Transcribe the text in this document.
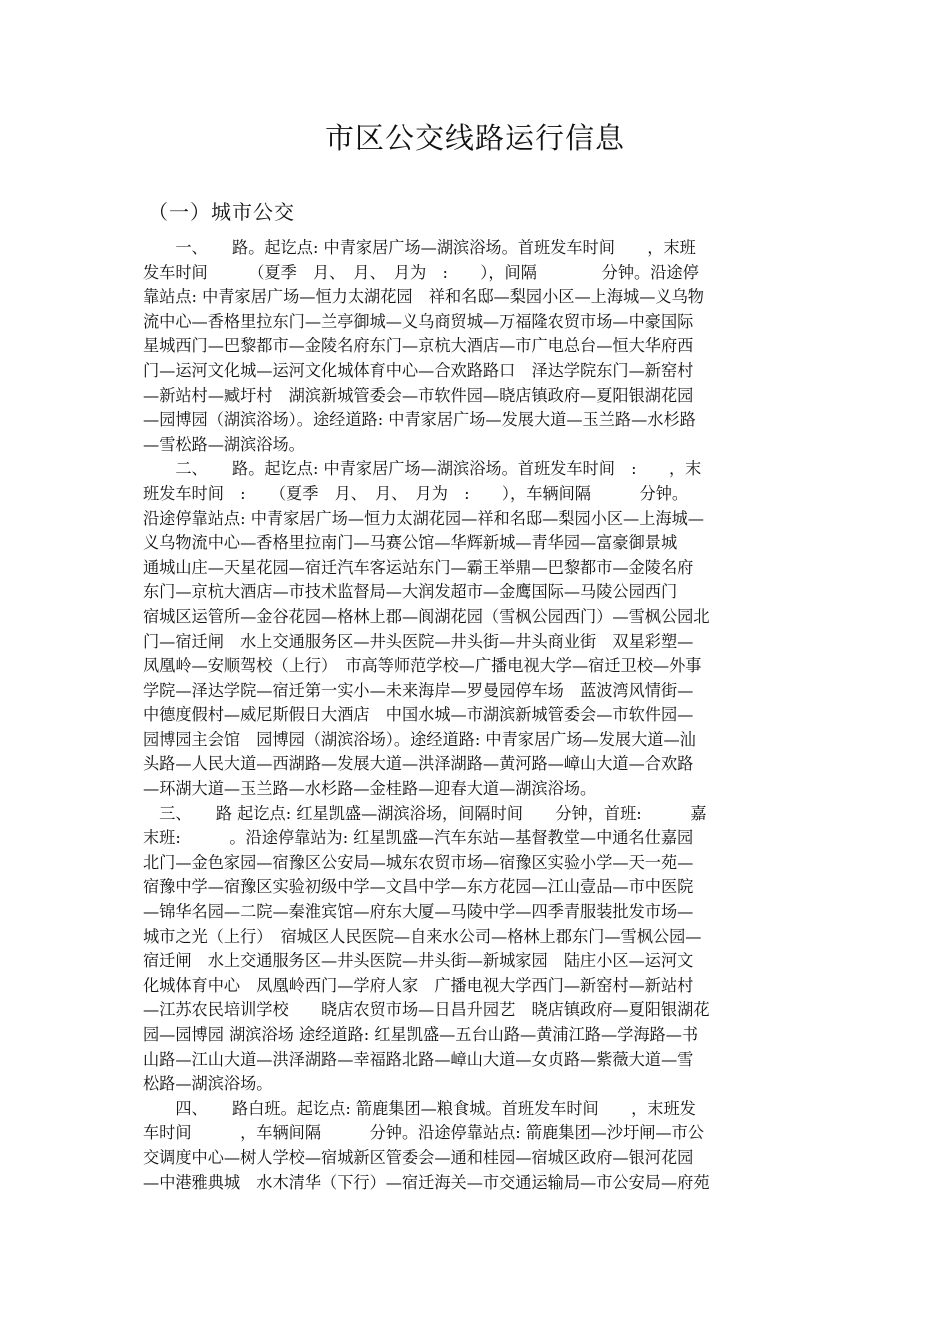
市区公交线路运行信息
（一）城市公交
　　一、　　路。起讫点: 中青家居广场—湖滨浴场。首班发车时间　　，末班
发车时间　　　（夏季　月、　月、　月为　:　　），间隔　　　　分钟。沿途停
靠站点: 中青家居广场—恒力太湖花园　祥和名邸—梨园小区—上海城—义乌物
流中心—香格里拉东门—兰亭御城—义乌商贸城—万福隆农贸市场—中豪国际
星城西门—巴黎都市—金陵名府东门—京杭大酒店—市广电总台—恒大华府西
门—运河文化城—运河文化城体育中心—合欢路路口　泽达学院东门—新窑村
—新站村—臧圩村　湖滨新城管委会—市软件园—晓店镇政府—夏阳银湖花园
—园博园（湖滨浴场）。途经道路: 中青家居广场—发展大道—玉兰路—水杉路
—雪松路—湖滨浴场。
　　二、　　路。起讫点: 中青家居广场—湖滨浴场。首班发车时间　:　　，末
班发车时间　:　　（夏季　月、　月、　月为　:　　），车辆间隔　　　分钟。
沿途停靠站点: 中青家居广场—恒力太湖花园—祥和名邸—梨园小区—上海城—
义乌物流中心—香格里拉南门—马赛公馆—华辉新城—青华园—富豪御景城
通城山庄—天星花园—宿迁汽车客运站东门—霸王举鼎—巴黎都市—金陵名府
东门—京杭大酒店—市技术监督局—大润发超市—金鹰国际—马陵公园西门
宿城区运管所—金谷花园—格林上郡—阆湖花园（雪枫公园西门）—雪枫公园北
门—宿迁闸　水上交通服务区—井头医院—井头街—井头商业街　双星彩塑—
凤凰岭—安顺驾校（上行）　市高等师范学校—广播电视大学—宿迁卫校—外事
学院—泽达学院—宿迁第一实小—未来海岸—罗曼园停车场　蓝波湾风情街—
中德度假村—威尼斯假日大酒店　中国水城—市湖滨新城管委会—市软件园—
园博园主会馆　园博园（湖滨浴场）。途经道路: 中青家居广场—发展大道—汕
头路—人民大道—西湖路—发展大道—洪泽湖路—黄河路—嶂山大道—合欢路
—环湖大道—玉兰路—水杉路—金桂路—迎春大道—湖滨浴场。
　三、　　路 起讫点: 红星凯盛—湖滨浴场，间隔时间　　分钟，首班:　　　嘉
末班:　　　。沿途停靠站为: 红星凯盛—汽车东站—基督教堂—中通名仕嘉园
北门—金色家园—宿豫区公安局—城东农贸市场—宿豫区实验小学—天一苑—
宿豫中学—宿豫区实验初级中学—文昌中学—东方花园—江山壹品—市中医院
—锦华名园—二院—秦淮宾馆—府东大厦—马陵中学—四季青服装批发市场—
城市之光（上行）　宿城区人民医院—自来水公司—格林上郡东门—雪枫公园—
宿迁闸　水上交通服务区—井头医院—井头街—新城家园　陆庄小区—运河文
化城体育中心　凤凰岭西门—学府人家　广播电视大学西门—新窑村—新站村
—江苏农民培训学校　　晓店农贸市场—日昌升园艺　晓店镇政府—夏阳银湖花
园—园博园 湖滨浴场 途经道路: 红星凯盛—五台山路—黄浦江路—学海路—书
山路—江山大道—洪泽湖路—幸福路北路—嶂山大道—女贞路—紫薇大道—雪
松路—湖滨浴场。
　　四、　　路白班。起讫点: 箭鹿集团—粮食城。首班发车时间　　，末班发
车时间　　　，车辆间隔　　　分钟。沿途停靠站点: 箭鹿集团—沙圩闸—市公
交调度中心—树人学校—宿城新区管委会—通和桂园—宿城区政府—银河花园
—中港雅典城　水木清华（下行）—宿迁海关—市交通运输局—市公安局—府苑
